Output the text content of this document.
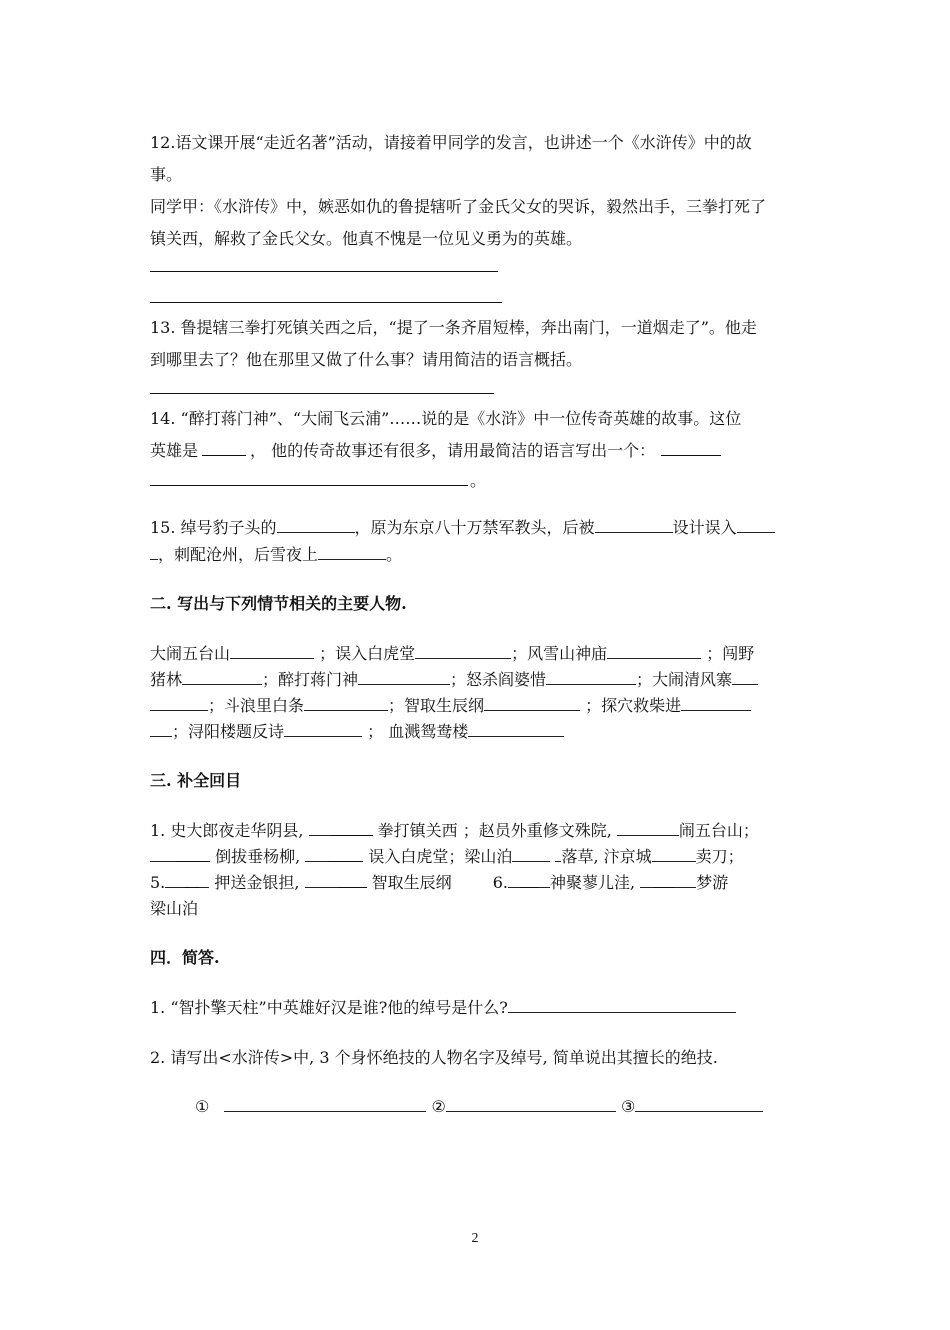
12.语文课开展“走近名著”活动，请接着甲同学的发言，也讲述一个《水浒传》中的故
事。
同学甲：《水浒传》中，嫉恶如仇的鲁提辖听了金氏父女的哭诉，毅然出手，三拳打死了
镇关西，解救了金氏父女。他真不愧是一位见义勇为的英雄。
13. 鲁提辖三拳打死镇关西之后，“提了一条齐眉短棒，奔出南门，一道烟走了”。他走
到哪里去了？他在那里又做了什么事？请用简洁的语言概括。
14. “醉打蒋门神”、“大闹飞云浦”……说的是《水浒》中一位传奇英雄的故事。这位
英雄是	， 他的传奇故事还有很多，请用最简洁的语言写出一个：
。
15. 绰号豹子头的	，原为东京八十万禁军教头，后被	设计误入
，刺配沧州，后雪夜上	。
二. 写出与下列情节相关的主要人物.
大闹五台山	；误入白虎堂	；风雪山神庙	；闯野
猪林	；醉打蒋门神	；怒杀阎婆惜	；大闹清风寨
；斗浪里白条	；智取生辰纲	；探穴救柴进
；浔阳楼题反诗	； 血溅鸳鸯楼
三. 补全回目
1. 史大郎夜走华阴县,	拳打镇关西 ；赵员外重修文殊院,	闹五台山；
倒拔垂杨柳,	误入白虎堂；梁山泊	落草, 汴京城	卖刀；
5.	押送金银担,	智取生辰纲	6.	神聚蓼儿洼,	梦游
梁山泊
四．简答.
1. “智扑擎天柱”中英雄好汉是谁?他的绰号是什么?
2. 请写出<水浒传>中, 3 个身怀绝技的人物名字及绰号, 简单说出其擅长的绝技.
①	②	③
2
